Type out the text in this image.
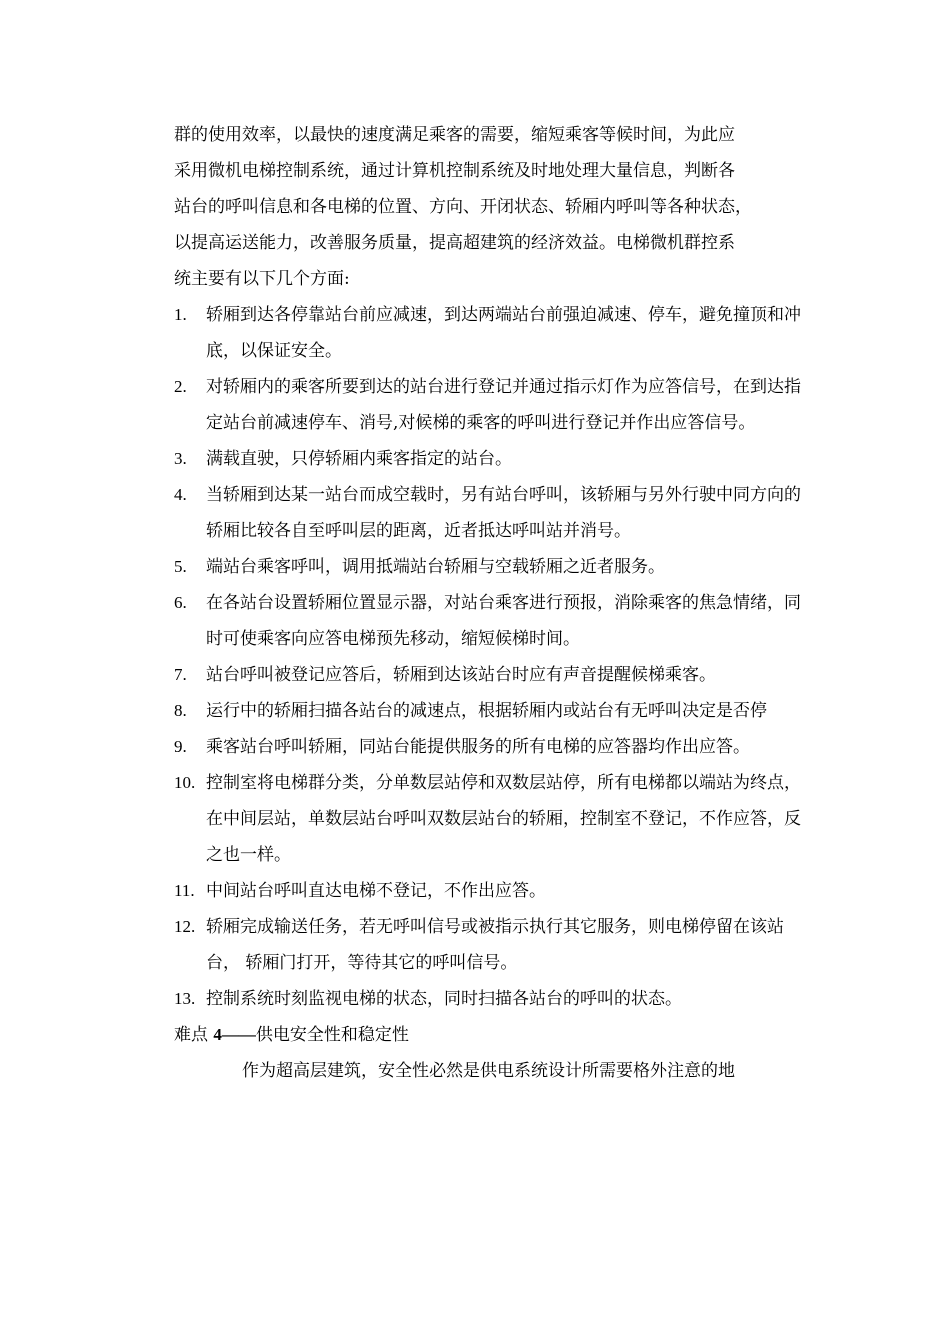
群的使用效率，以最快的速度满足乘客的需要，缩短乘客等候时间，为此应

采用微机电梯控制系统，通过计算机控制系统及时地处理大量信息，判断各

站台的呼叫信息和各电梯的位置、方向、开闭状态、轿厢内呼叫等各种状态，

以提高运送能力，改善服务质量，提高超建筑的经济效益。电梯微机群控系

统主要有以下几个方面:

1.	轿厢到达各停靠站台前应减速，到达两端站台前强迫减速、停车，避免撞顶和冲底，以保证安全。
2.	对轿厢内的乘客所要到达的站台进行登记并通过指示灯作为应答信号，在到达指定站台前减速停车、消号,对候梯的乘客的呼叫进行登记并作出应答信号。
3.	满载直驶，只停轿厢内乘客指定的站台。
4.	当轿厢到达某一站台而成空载时，另有站台呼叫，该轿厢与另外行驶中同方向的轿厢比较各自至呼叫层的距离，近者抵达呼叫站并消号。
5.	端站台乘客呼叫，调用抵端站台轿厢与空载轿厢之近者服务。
6.	在各站台设置轿厢位置显示器，对站台乘客进行预报，消除乘客的焦急情绪，同时可使乘客向应答电梯预先移动，缩短候梯时间。
7.	站台呼叫被登记应答后，轿厢到达该站台时应有声音提醒候梯乘客。
8.	运行中的轿厢扫描各站台的减速点，根据轿厢内或站台有无呼叫决定是否停
9.	乘客站台呼叫轿厢，同站台能提供服务的所有电梯的应答器均作出应答。
10. 控制室将电梯群分类，分单数层站停和双数层站停，所有电梯都以端站为终点，在中间层站，单数层站台呼叫双数层站台的轿厢，控制室不登记，不作应答，反之也一样。
11. 中间站台呼叫直达电梯不登记，不作出应答。
12. 轿厢完成输送任务，若无呼叫信号或被指示执行其它服务，则电梯停留在该站台， 轿厢门打开，等待其它的呼叫信号。
13. 控制系统时刻监视电梯的状态，同时扫描各站台的呼叫的状态。

难点 4——供电安全性和稳定性

作为超高层建筑，安全性必然是供电系统设计所需要格外注意的地
